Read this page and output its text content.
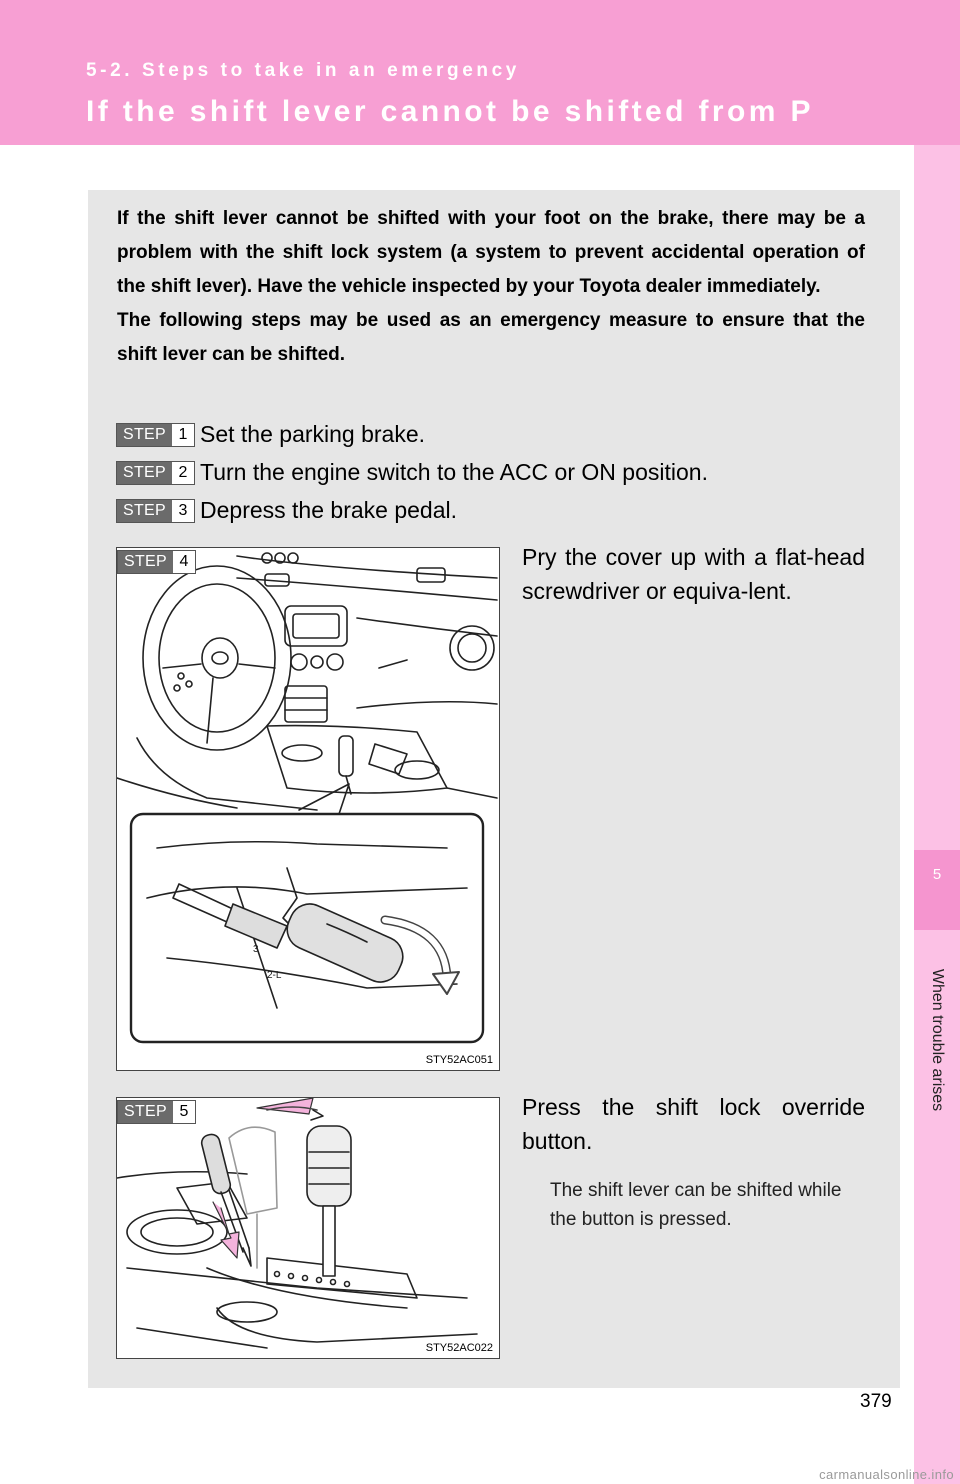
5-2. Steps to take in an emergency
If the shift lever cannot be shifted from P
5
When trouble arises

If the shift lever cannot be shifted with your foot on the brake, there may be a problem with the shift lock system (a system to prevent accidental operation of the shift lever). Have the vehicle inspected by your Toyota dealer immediately.

The following steps may be used as an emergency measure to ensure that the shift lever can be shifted.

STEP 1 Set the parking brake.
STEP 2 Turn the engine switch to the ACC or ON position.
STEP 3 Depress the brake pedal.
3
2-L
STEP 4
STY52AC051
Pry the cover up with a flat-head screwdriver or equiva-lent.
STEP 5
STY52AC022
Press the shift lock override button.
The shift lever can be shifted while the button is pressed.
379
carmanualsonline.info
